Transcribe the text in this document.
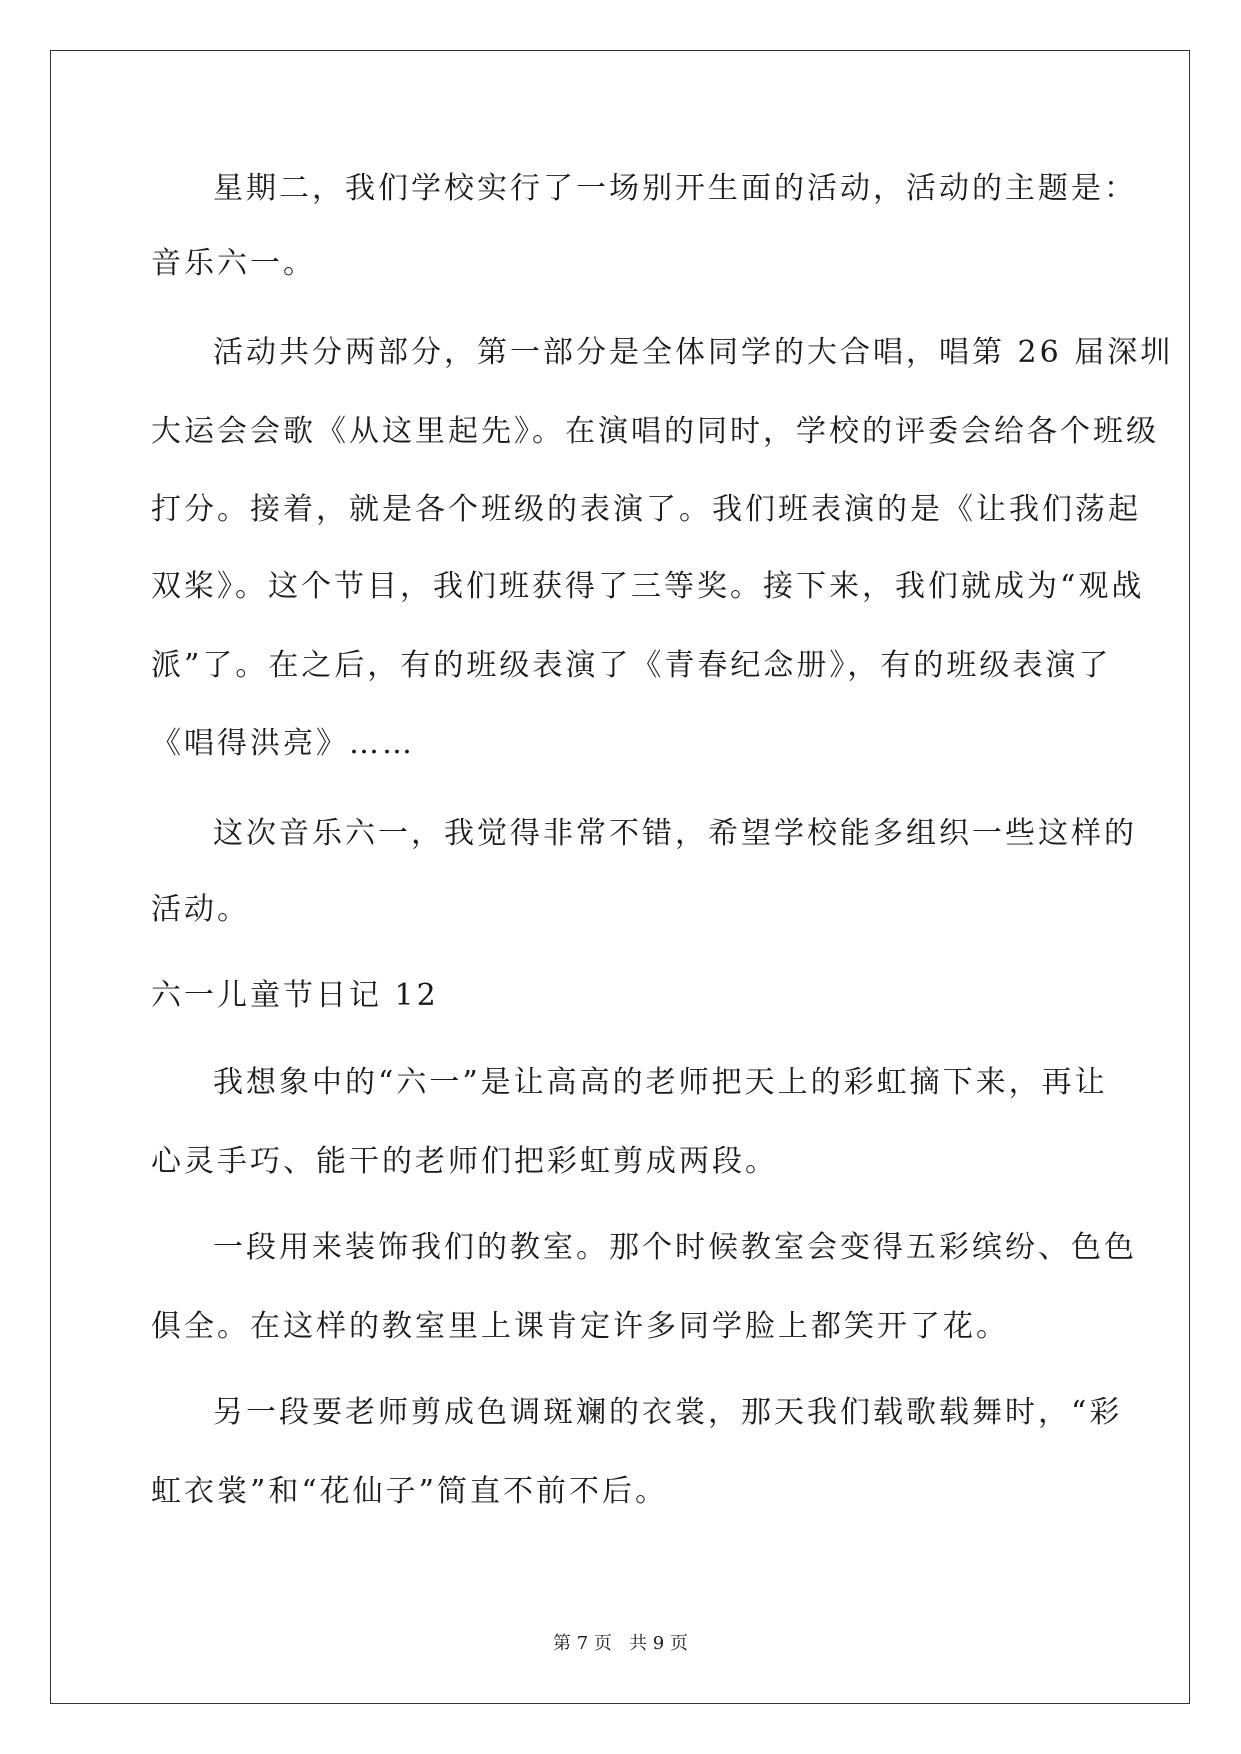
星期二，我们学校实行了一场别开生面的活动，活动的主题是：

音乐六一。

活动共分两部分，第一部分是全体同学的大合唱，唱第 26 届深圳

大运会会歌《从这里起先》。在演唱的同时，学校的评委会给各个班级

打分。接着，就是各个班级的表演了。我们班表演的是《让我们荡起

双桨》。这个节目，我们班获得了三等奖。接下来，我们就成为“观战

派”了。在之后，有的班级表演了《青春纪念册》，有的班级表演了

《唱得洪亮》……

这次音乐六一，我觉得非常不错，希望学校能多组织一些这样的

活动。

六一儿童节日记 12

我想象中的“六一”是让高高的老师把天上的彩虹摘下来，再让

心灵手巧、能干的老师们把彩虹剪成两段。

一段用来装饰我们的教室。那个时候教室会变得五彩缤纷、色色

俱全。在这样的教室里上课肯定许多同学脸上都笑开了花。

另一段要老师剪成色调斑斓的衣裳，那天我们载歌载舞时，“彩

虹衣裳”和“花仙子”简直不前不后。

第 7 页   共 9 页
